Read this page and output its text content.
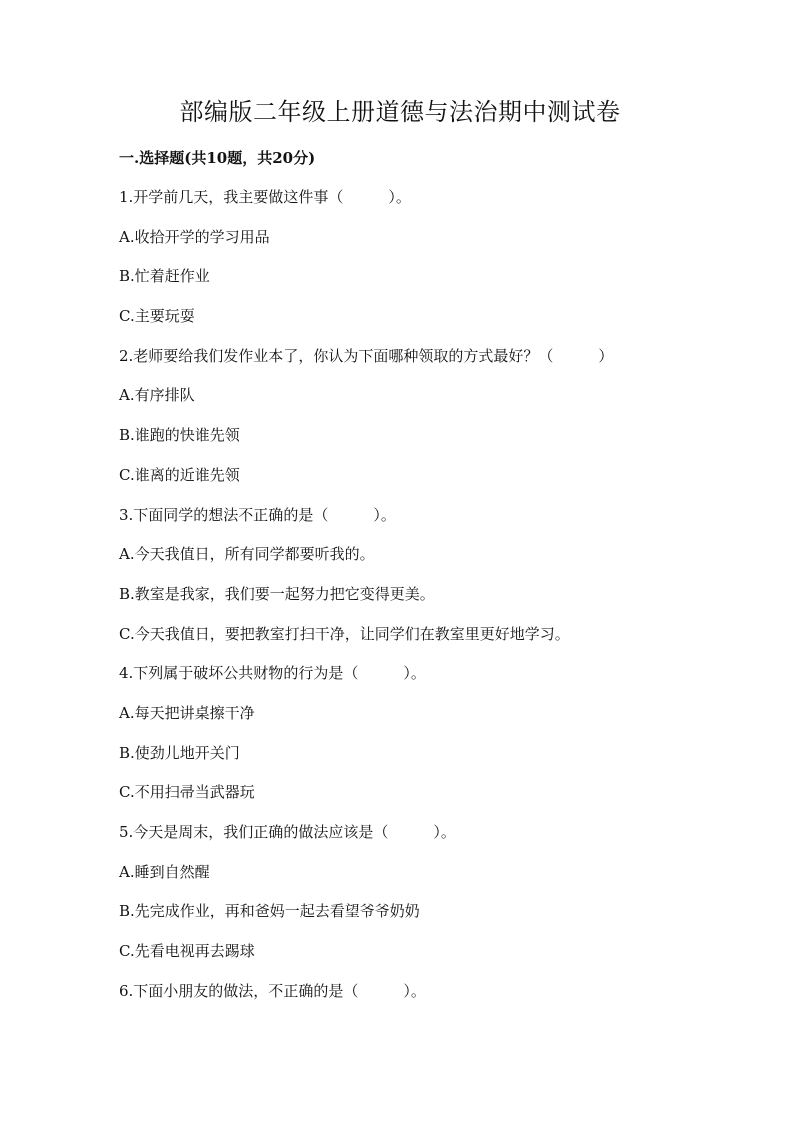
部编版二年级上册道德与法治期中测试卷
一.选择题(共10题，共20分)
1.开学前几天，我主要做这件事（　　　）。
A.收拾开学的学习用品
B.忙着赶作业
C.主要玩耍
2.老师要给我们发作业本了，你认为下面哪种领取的方式最好？（　　　）
A.有序排队
B.谁跑的快谁先领
C.谁离的近谁先领
3.下面同学的想法不正确的是（　　　）。
A.今天我值日，所有同学都要听我的。
B.教室是我家，我们要一起努力把它变得更美。
C.今天我值日，要把教室打扫干净，让同学们在教室里更好地学习。
4.下列属于破坏公共财物的行为是（　　　）。
A.每天把讲桌擦干净
B.使劲儿地开关门
C.不用扫帚当武器玩
5.今天是周末，我们正确的做法应该是（　　　）。
A.睡到自然醒
B.先完成作业，再和爸妈一起去看望爷爷奶奶
C.先看电视再去踢球
6.下面小朋友的做法，不正确的是（　　　）。
